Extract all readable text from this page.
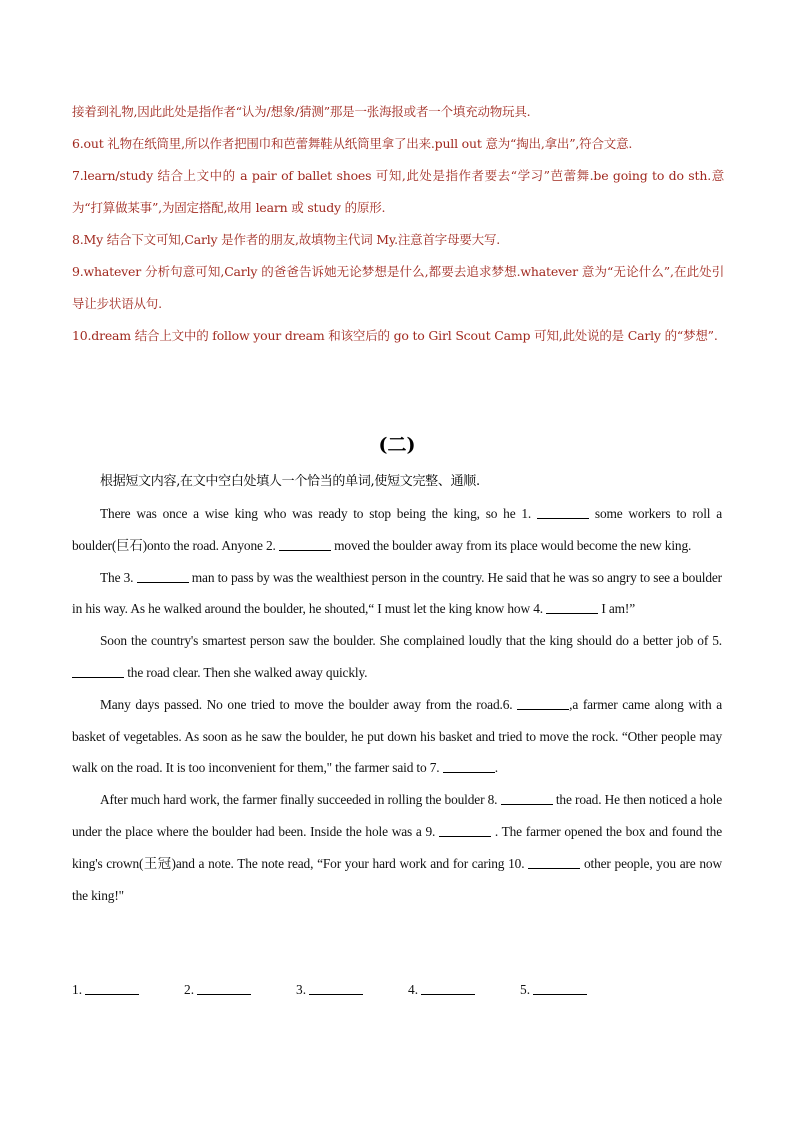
接着到礼物,因此此处是指作者“认为/想象/猜测”那是一张海报或者一个填充动物玩具.

6.out 礼物在纸筒里,所以作者把围巾和芭蕾舞鞋从纸筒里拿了出来.pull out 意为“掏出,拿出”,符合文意.

7.learn/study 结合上文中的 a pair of ballet shoes 可知,此处是指作者要去“学习”芭蕾舞.be going to do sth.意为“打算做某事”,为固定搭配,故用 learn 或 study 的原形.

8.My 结合下文可知,Carly 是作者的朋友,故填物主代词 My.注意首字母要大写.

9.whatever 分析句意可知,Carly 的爸爸告诉她无论梦想是什么,都要去追求梦想.whatever 意为“无论什么”,在此处引导让步状语从句.

10.dream 结合上文中的 follow your dream 和该空后的 go to Girl Scout Camp 可知,此处说的是 Carly 的“梦想”.

(二)
根据短文内容,在文中空白处填人一个恰当的单词,使短文完整、通顺.

There was once a wise king who was ready to stop being the king, so he 1.	some workers to roll a boulder(巨石)onto the road. Anyone 2.	moved the boulder away from its place would become the new king.

The 3.	man to pass by was the wealthiest person in the country. He said that he was so angry to see a boulder in his way. As he walked around the boulder, he shouted,“ I must let the king know how 4.	I am!”

Soon the country's smartest person saw the boulder. She complained loudly that the king should do a better job of 5.  the road clear. Then she walked away quickly.

Many days passed. No one tried to move the boulder away from the road.6.	,a farmer came along with a basket of vegetables. As soon as he saw the boulder, he put down his basket and tried to move the rock. “Other people may walk on the road. It is too inconvenient for them," the farmer said to 7.	.

After much hard work, the farmer finally succeeded in rolling the boulder 8.	the road. He then noticed a hole under the place where the boulder had been. Inside the hole was a 9.	. The farmer opened the box and found the king's crown(王冠)and a note. The note read, “For your hard work and for caring 10.	other people, you are now the king!"

1.	2.	3.	4.	5.
